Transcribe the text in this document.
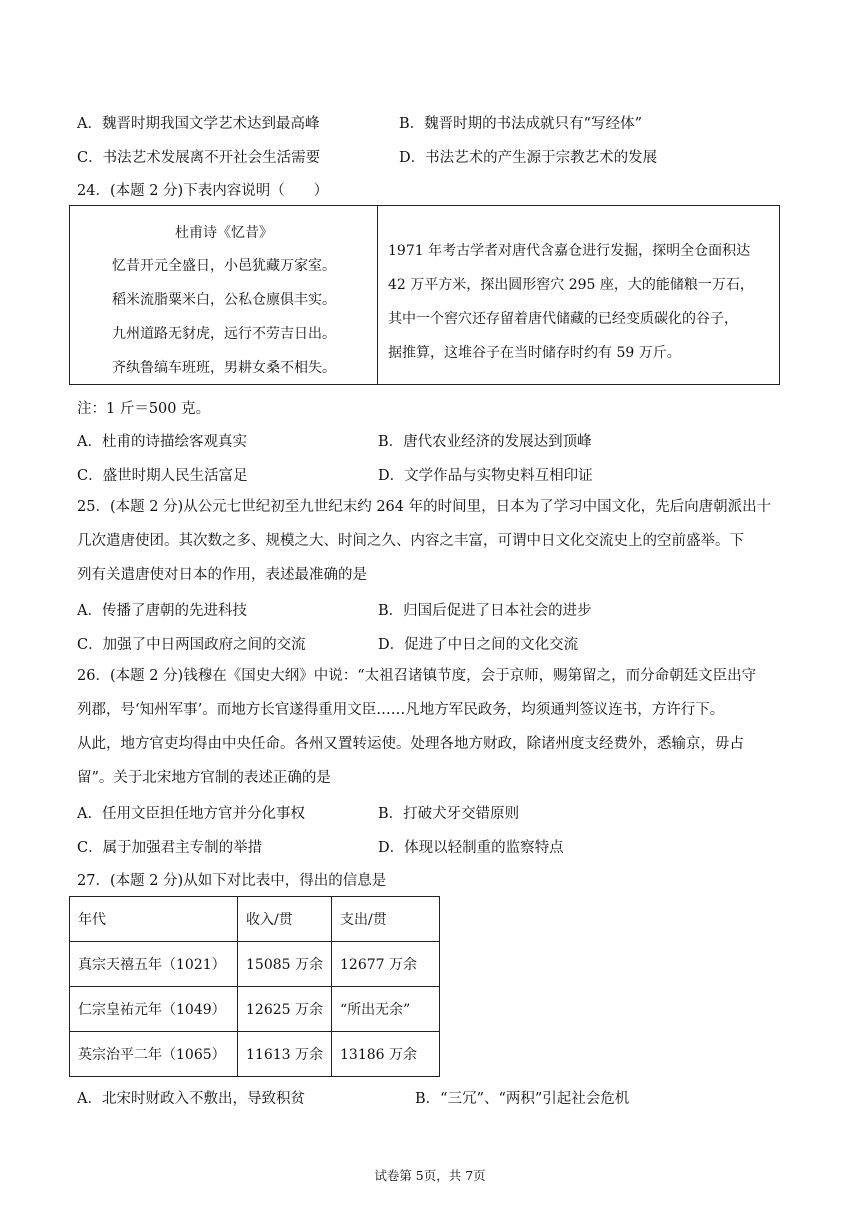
A．魏晋时期我国文学艺术达到最高峰	B．魏晋时期的书法成就只有“写经体”
C．书法艺术发展离不开社会生活需要	D．书法艺术的产生源于宗教艺术的发展
24．(本题 2 分)下表内容说明（　　）
杜甫诗《忆昔》
忆昔开元全盛日，小邑犹藏万家室。
稻米流脂粟米白，公私仓廪俱丰实。
九州道路无豺虎，远行不劳吉日出。
齐纨鲁缟车班班，男耕女桑不相失。
1971 年考古学者对唐代含嘉仓进行发掘，探明全仓面积达
42 万平方米，探出圆形窖穴 295 座，大的能储粮一万石，
其中一个窖穴还存留着唐代储藏的已经变质碳化的谷子，
据推算，这堆谷子在当时储存时约有 59 万斤。
注：1 斤＝500 克。
A．杜甫的诗描绘客观真实	B．唐代农业经济的发展达到顶峰
C．盛世时期人民生活富足	D．文学作品与实物史料互相印证
25．(本题 2 分)从公元七世纪初至九世纪末约 264 年的时间里，日本为了学习中国文化，先后向唐朝派出十
几次遣唐使团。其次数之多、规模之大、时间之久、内容之丰富，可谓中日文化交流史上的空前盛举。下
列有关遣唐使对日本的作用，表述最准确的是
A．传播了唐朝的先进科技	B．归国后促进了日本社会的进步
C．加强了中日两国政府之间的交流	D．促进了中日之间的文化交流
26．(本题 2 分)钱穆在《国史大纲》中说：“太祖召诸镇节度，会于京师，赐第留之，而分命朝廷文臣出守
列郡，号‘知州军事’。而地方长官遂得重用文臣……凡地方军民政务，均须通判签议连书，方许行下。
从此，地方官吏均得由中央任命。各州又置转运使。处理各地方财政，除诸州度支经费外，悉输京，毋占
留”。关于北宋地方官制的表述正确的是
A．任用文臣担任地方官并分化事权	B．打破犬牙交错原则
C．属于加强君主专制的举措	D．体现以轻制重的监察特点
27．(本题 2 分)从如下对比表中，得出的信息是
年代	收入/贯	支出/贯
真宗天禧五年（1021）	15085 万余	12677 万余
仁宗皇祐元年（1049）	12625 万余	“所出无余”
英宗治平二年（1065）	11613 万余	13186 万余
A．北宋时财政入不敷出，导致积贫	B．“三冗”、“两积”引起社会危机
试卷第 5页，共 7页
